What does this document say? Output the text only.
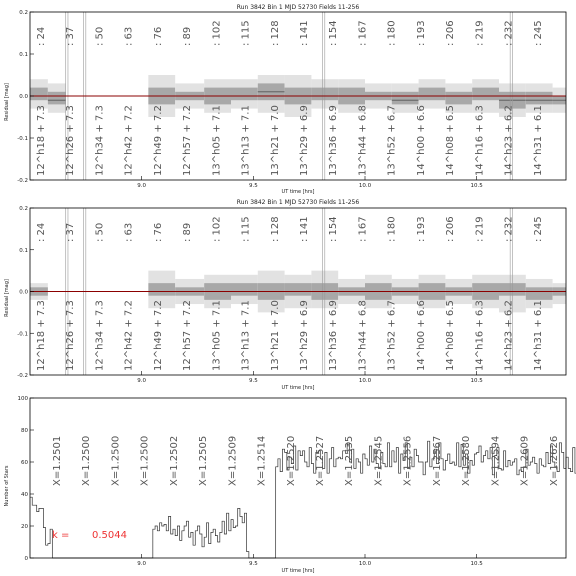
Run 3842 Bin 1 MJD 52730 Fields 11-256
: 24 : 37 : 50 : 63 : 76 : 89 : 102 : 115 : 128 : 141 : 154 : 167 : 180 : 193 : 206 : 219 : 232 : 245
12^h18 + 7.3 12^h26 + 7.3 12^h34 + 7.3 12^h42 + 7.2 12^h49 + 7.2 12^h57 + 7.2 13^h05 + 7.1 13^h13 + 7.1 13^h21 + 7.0 13^h29 + 6.9 13^h36 + 6.9 13^h44 + 6.8 13^h52 + 6.7 14^h00 + 6.6 14^h08 + 6.5 14^h16 + 6.3 14^h23 + 6.2 14^h31 + 6.1
9.0	9.5	10.0	10.5
-0.2
-0.1
0.0
0.1
0.2
UT time [hrs]
Residual [mag]
Run 3842 Bin 1 MJD 52730 Fields 11-256
: 24 : 37 : 50 : 63 : 76 : 89 : 102 : 115 : 128 : 141 : 154 : 167 : 180 : 193 : 206 : 219 : 232 : 245
12^h18 + 7.3 12^h26 + 7.3 12^h34 + 7.3 12^h42 + 7.2 12^h49 + 7.2 12^h57 + 7.2 13^h05 + 7.1 13^h13 + 7.1 13^h21 + 7.0 13^h29 + 6.9 13^h36 + 6.9 13^h44 + 6.8 13^h52 + 6.7 14^h00 + 6.6 14^h08 + 6.5 14^h16 + 6.3 14^h23 + 6.2 14^h31 + 6.1
9.0	9.5	10.0	10.5
-0.2
-0.1
0.0
0.1
0.2
UT time [hrs]
Residual [mag]
X=1.2501 X=1.2500 X=1.2500 X=1.2500 X=1.2502 X=1.2505 X=1.2509 X=1.2514 X=1.2520 X=1.2527 X=1.2535 X=1.2545 X=1.2556 X=1.2567 X=1.2580 X=1.2594 X=1.2609 X=1.2626
9.0	9.5	10.0	10.5
0
20
40
60
80
100
UT time [hrs]
Number of Stars
k = 0.5044
